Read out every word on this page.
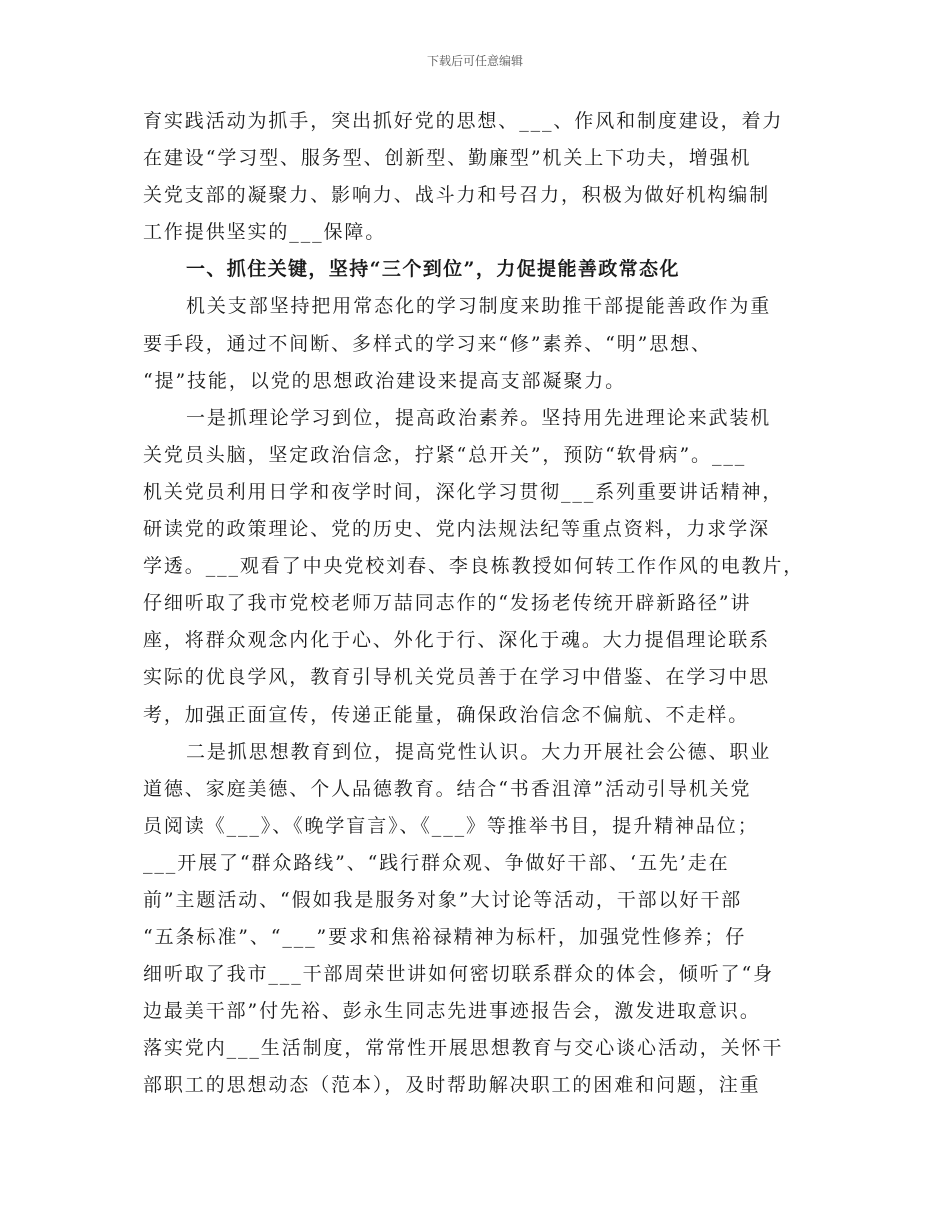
下载后可任意编辑
育实践活动为抓手，突出抓好党的思想、___、作风和制度建设，着力
在建设“学习型、服务型、创新型、勤廉型”机关上下功夫，增强机
关党支部的凝聚力、影响力、战斗力和号召力，积极为做好机构编制
工作提供坚实的___保障。
一、抓住关键，坚持“三个到位”，力促提能善政常态化
机关支部坚持把用常态化的学习制度来助推干部提能善政作为重
要手段，通过不间断、多样式的学习来“修”素养、“明”思想、
“提”技能，以党的思想政治建设来提高支部凝聚力。
一是抓理论学习到位，提高政治素养。坚持用先进理论来武装机
关党员头脑，坚定政治信念，拧紧“总开关”，预防“软骨病”。___
机关党员利用日学和夜学时间，深化学习贯彻___系列重要讲话精神，
研读党的政策理论、党的历史、党内法规法纪等重点资料，力求学深
学透。___观看了中央党校刘春、李良栋教授如何转工作作风的电教片，
仔细听取了我市党校老师万喆同志作的“发扬老传统开辟新路径”讲
座，将群众观念内化于心、外化于行、深化于魂。大力提倡理论联系
实际的优良学风，教育引导机关党员善于在学习中借鉴、在学习中思
考，加强正面宣传，传递正能量，确保政治信念不偏航、不走样。
二是抓思想教育到位，提高党性认识。大力开展社会公德、职业
道德、家庭美德、个人品德教育。结合“书香沮漳”活动引导机关党
员阅读《___》、《晚学盲言》、《___》等推举书目，提升精神品位；
___开展了“群众路线”、“践行群众观、争做好干部、‘五先’走在
前”主题活动、“假如我是服务对象”大讨论等活动，干部以好干部
“五条标准”、“___”要求和焦裕禄精神为标杆，加强党性修养；仔
细听取了我市___干部周荣世讲如何密切联系群众的体会，倾听了“身
边最美干部”付先裕、彭永生同志先进事迹报告会，激发进取意识。
落实党内___生活制度，常常性开展思想教育与交心谈心活动，关怀干
部职工的思想动态（范本），及时帮助解决职工的困难和问题，注重
